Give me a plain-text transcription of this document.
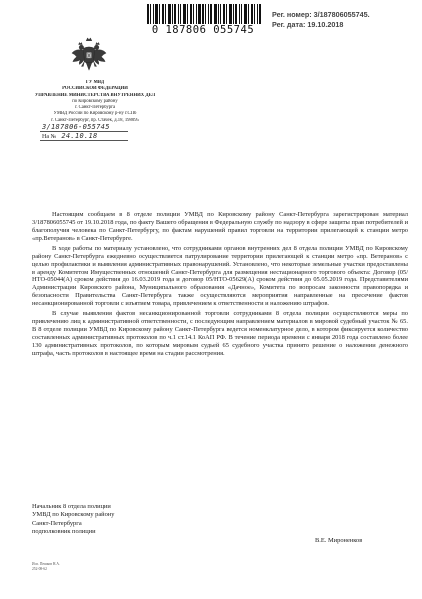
0 187806 055745
Рег. номер: 3/187806055745.
Рег. дата: 19.10.2018
ГУ МВД
РОССИЙСКОЙ ФЕДЕРАЦИИ
УПРАВЛЕНИЕ МИНИСТЕРСТВА ВНУТРЕННИХ ДЕЛ
по Кировскому району
г. Санкт-Петербурга
УМВД России по Кировскому р-ну г.СПб
г. Санкт-Петербург, пр. Стачек, д.18, 198095
3/187806-055745
На № 24.10.18

Настоящим сообщаем в 8 отделе полиции УМВД по Кировскому району Санкт-Петербурга зарегистрирован материал 3/187806055745 от 19.10.2018 года, по факту Вашего обращения в Федеральную службу по надзору в сфере защиты прав потребителей и благополучия человека по Санкт-Петербургу, по фактам нарушений правил торговли на территории прилегающей к станции метро «пр.Ветеранов» в Санкт-Петербурге.

В ходе работы по материалу установлено, что сотрудниками органов внутренних дел 8 отдела полиции УМВД по Кировскому району Санкт-Петербурга ежедневно осуществляется патрулирование территории прилегающей к станции метро «пр. Ветеранов» с целью профилактики и выявления административных правонарушений. Установлено, что некоторые земельные участки предоставлены в аренду Комитетом Имущественных отношений Санкт-Петербурга для размещения нестационарного торгового объекта: Договор (05/НТО-05044(А) сроком действия до 16.03.2019 года и договор 05/НТО-05629(А) сроком действия до 05.05.2019 года. Представителями Администрации Кировского района, Муниципального образования «Дачное», Комитета по вопросам законности правопорядка и безопасности Правительства Санкт-Петербурга также осуществляются мероприятия направленные на пресечение фактов несанкционированной торговли с изъятием товара, привлечением к ответственности и наложению штрафов.

В случае выявления фактов несанкционированной торговли сотрудниками 8 отдела полиции осуществляются меры по привлечению лиц к административной ответственности, с последующим направлением материалов в мировой судебный участок № 65. В 8 отделе полиции УМВД по Кировскому району Санкт-Петербурга ведется номенклатурное дело, в котором фиксируется количество составленных административных протоколов по ч.1 ст.14.1 КоАП РФ. В течение периода времени с января 2018 года составлено более 130 административных протоколов, по которым мировым судьей 65 судебного участка принято решение о наложении денежного штрафа, часть протоколов в настоящее время на стадии рассмотрения.

Начальник 8 отдела полиции
УМВД по Кировскому району
Санкт-Петербурга
подполковник полиции
В.Е. Мироненков
Исп. Пешков Н.А.
252-08-62
